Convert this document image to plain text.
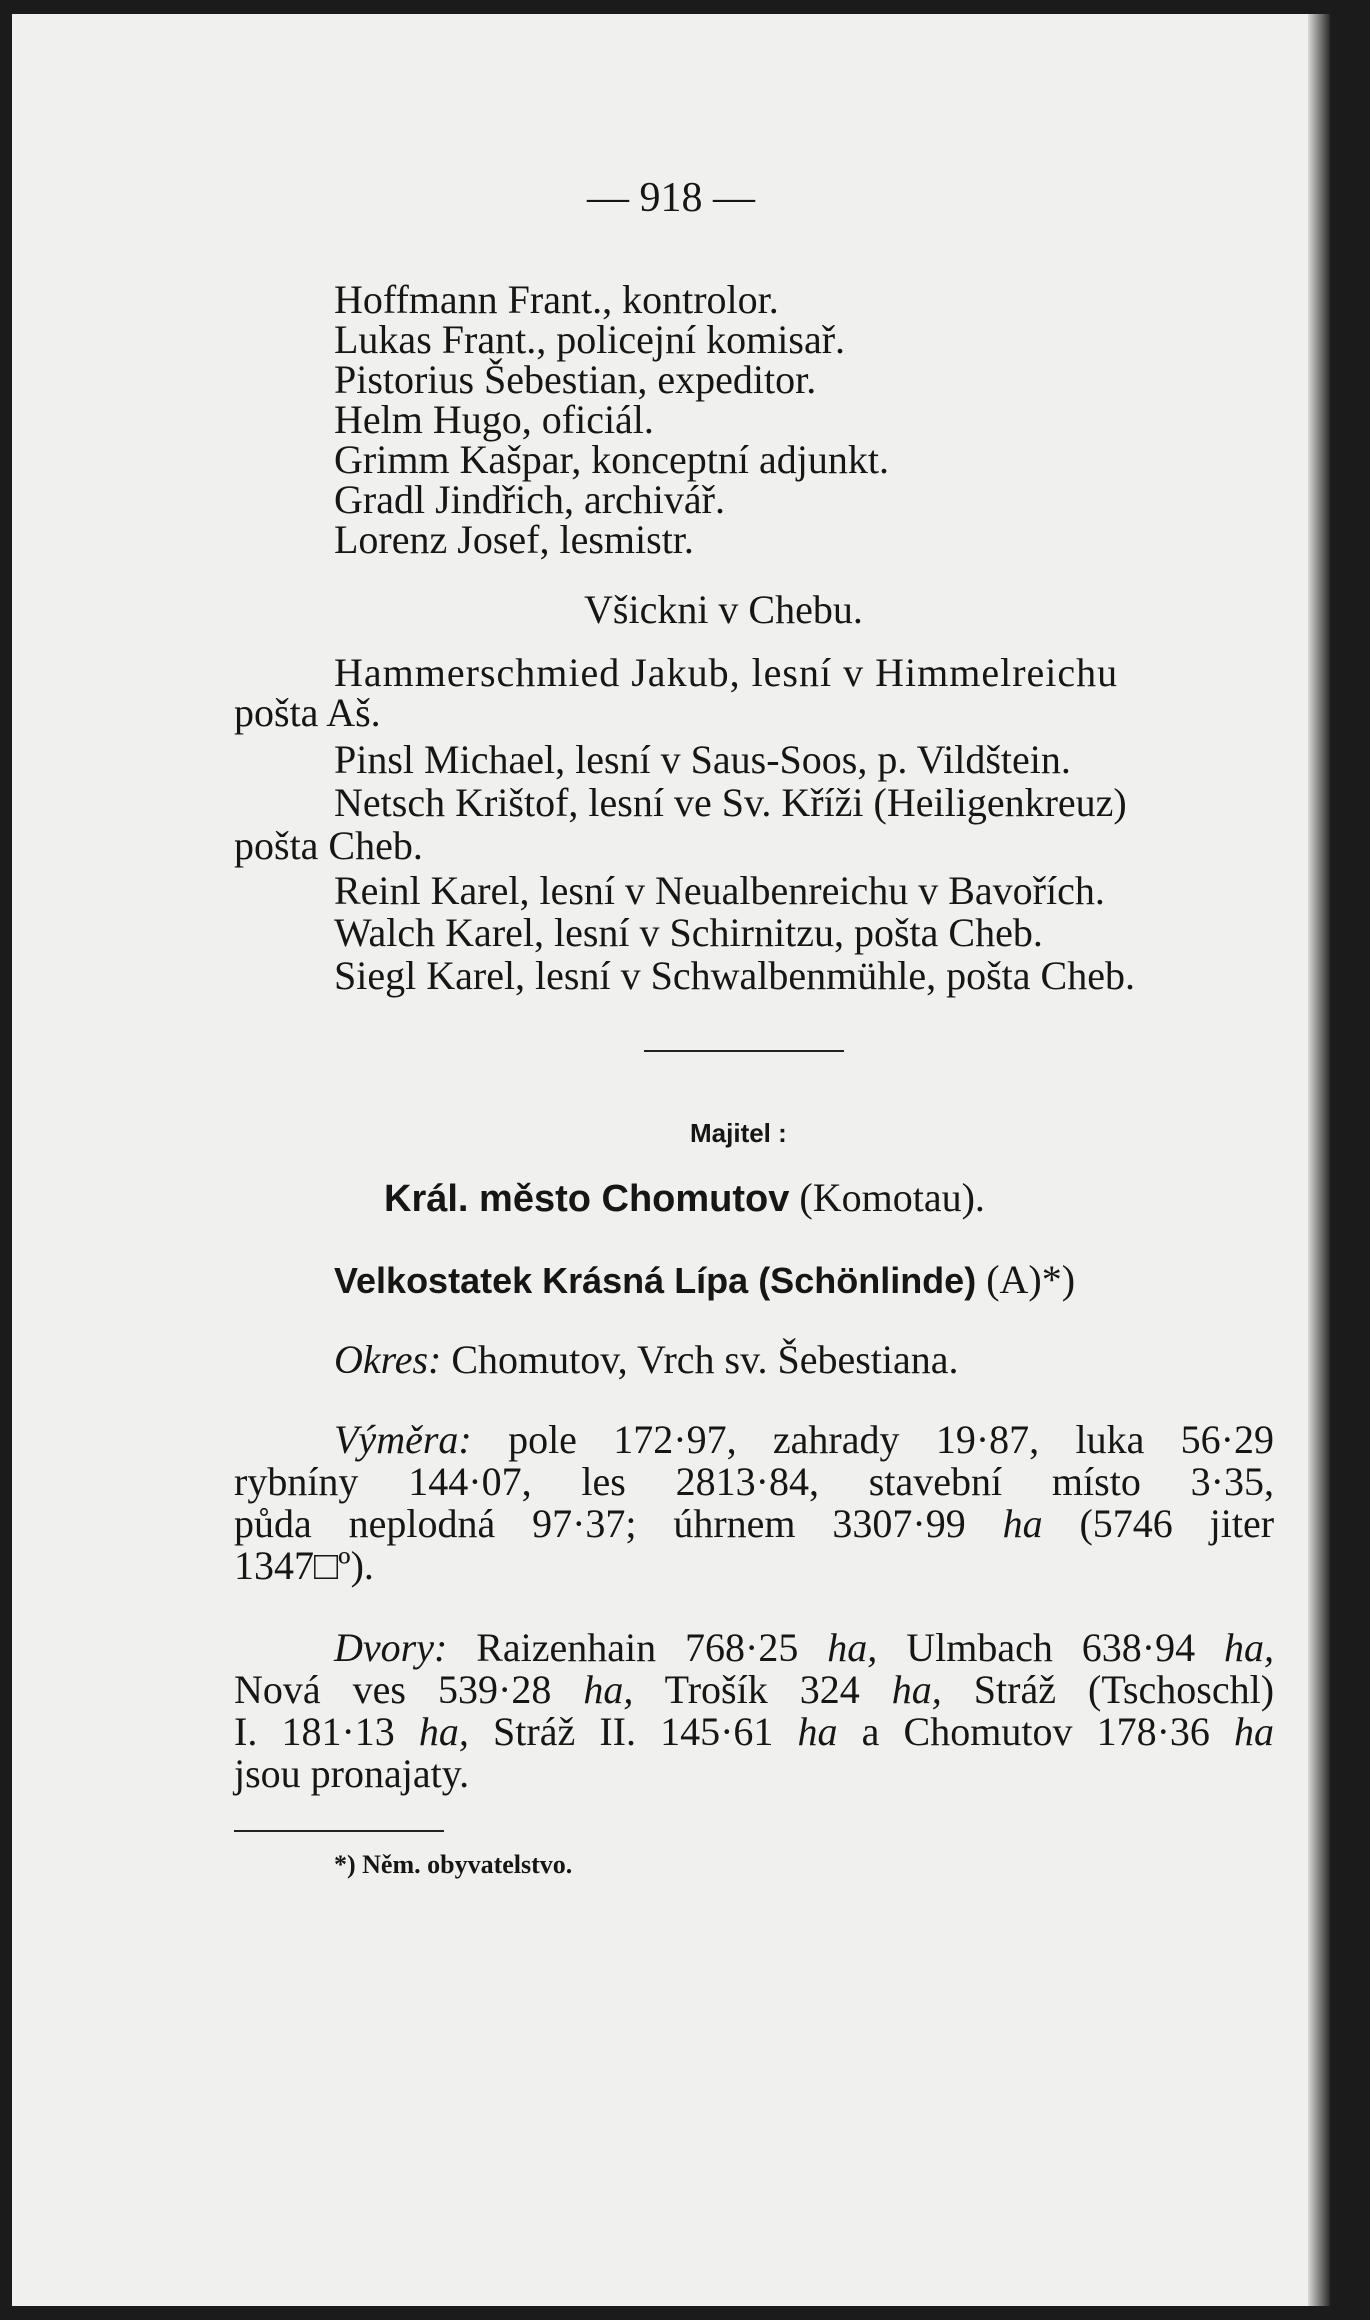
— 918 —
Hoffmann Frant., kontrolor.
Lukas Frant., policejní komisař.
Pistorius Šebestian, expeditor.
Helm Hugo, oficiál.
Grimm Kašpar, konceptní adjunkt.
Gradl Jindřich, archivář.
Lorenz Josef, lesmistr.
Všickni v Chebu.
Hammerschmied Jakub, lesní v Himmelreichu
pošta Aš.
Pinsl Michael, lesní v Saus-Soos, p. Vildštein.
Netsch Krištof, lesní ve Sv. Kříži (Heiligenkreuz)
pošta Cheb.
Reinl Karel, lesní v Neualbenreichu v Bavořích.
Walch Karel, lesní v Schirnitzu, pošta Cheb.
Siegl Karel, lesní v Schwalbenmühle, pošta Cheb.
Majitel :
Král. město Chomutov (Komotau).
Velkostatek Krásná Lípa (Schönlinde) (A)*)
Okres: Chomutov, Vrch sv. Šebestiana.
Výměra: pole 172·97, zahrady 19·87, luka 56·29
rybníny 144·07, les 2813·84, stavební místo 3·35,
půda neplodná 97·37; úhrnem 3307·99 ha (5746 jiter
1347□º).
Dvory: Raizenhain 768·25 ha, Ulmbach 638·94 ha,
Nová ves 539·28 ha, Trošík 324 ha, Stráž (Tschoschl)
I. 181·13 ha, Stráž II. 145·61 ha a Chomutov 178·36 ha
jsou pronajaty.
*) Něm. obyvatelstvo.
